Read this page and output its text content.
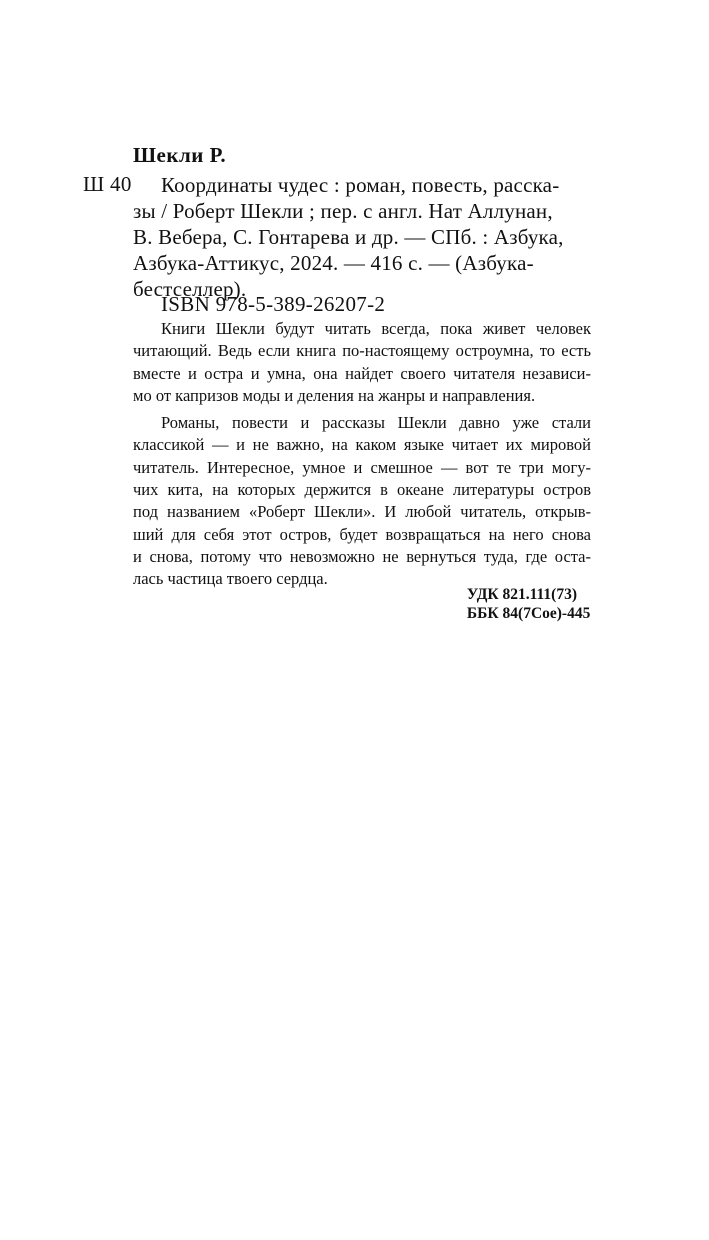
Шекли Р.
Ш 40	Координаты чудес : роман, повесть, расска-
зы / Роберт Шекли ; пер. с англ. Нат Аллунан,
В. Вебера, С. Гонтарева и др. — СПб. : Азбука,
Азбука-Аттикус, 2024. — 416 с. — (Азбука-
бестселлер).
ISBN 978-5-389-26207-2
Книги Шекли будут читать всегда, пока живет человек
читающий. Ведь если книга по-настоящему остроумна, то есть
вместе и остра и умна, она найдет своего читателя независи-
мо от капризов моды и деления на жанры и направления.
Романы, повести и рассказы Шекли давно уже стали
классикой — и не важно, на каком языке читает их мировой
читатель. Интересное, умное и смешное — вот те три могу-
чих кита, на которых держится в океане литературы остров
под названием «Роберт Шекли». И любой читатель, открыв-
ший для себя этот остров, будет возвращаться на него снова
и снова, потому что невозможно не вернуться туда, где оста-
лась частица твоего сердца.
УДК 821.111(73)
ББК 84(7Сое)-445
